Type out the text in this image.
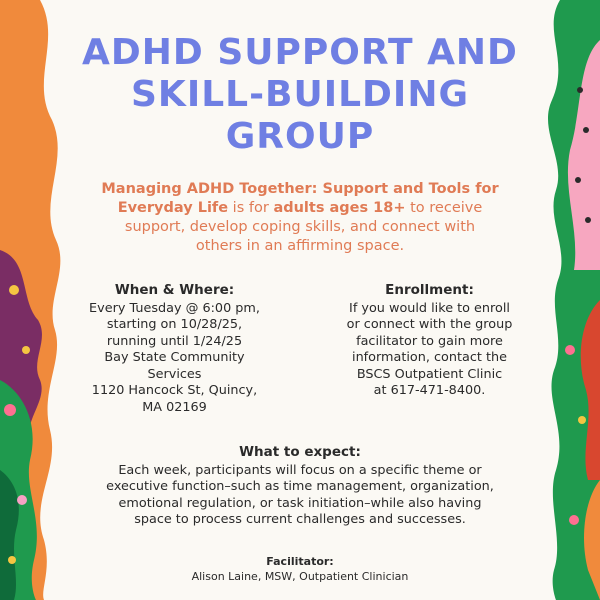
ADHD SUPPORT AND
SKILL-BUILDING
GROUP
Managing ADHD Together: Support and Tools for
Everyday Life is for adults ages 18+ to receive
support, develop coping skills, and connect with
others in an affirming space.
When & Where:
Every Tuesday @ 6:00 pm,
starting on 10/28/25,
running until 1/24/25
Bay State Community
Services
1120 Hancock St, Quincy,
MA 02169
Enrollment:
If you would like to enroll
or connect with the group
facilitator to gain more
information, contact the
BSCS Outpatient Clinic
at 617-471-8400.
What to expect:
Each week, participants will focus on a specific theme or
executive function–such as time management, organization,
emotional regulation, or task initiation–while also having
space to process current challenges and successes.
Facilitator:
Alison Laine, MSW, Outpatient Clinician
